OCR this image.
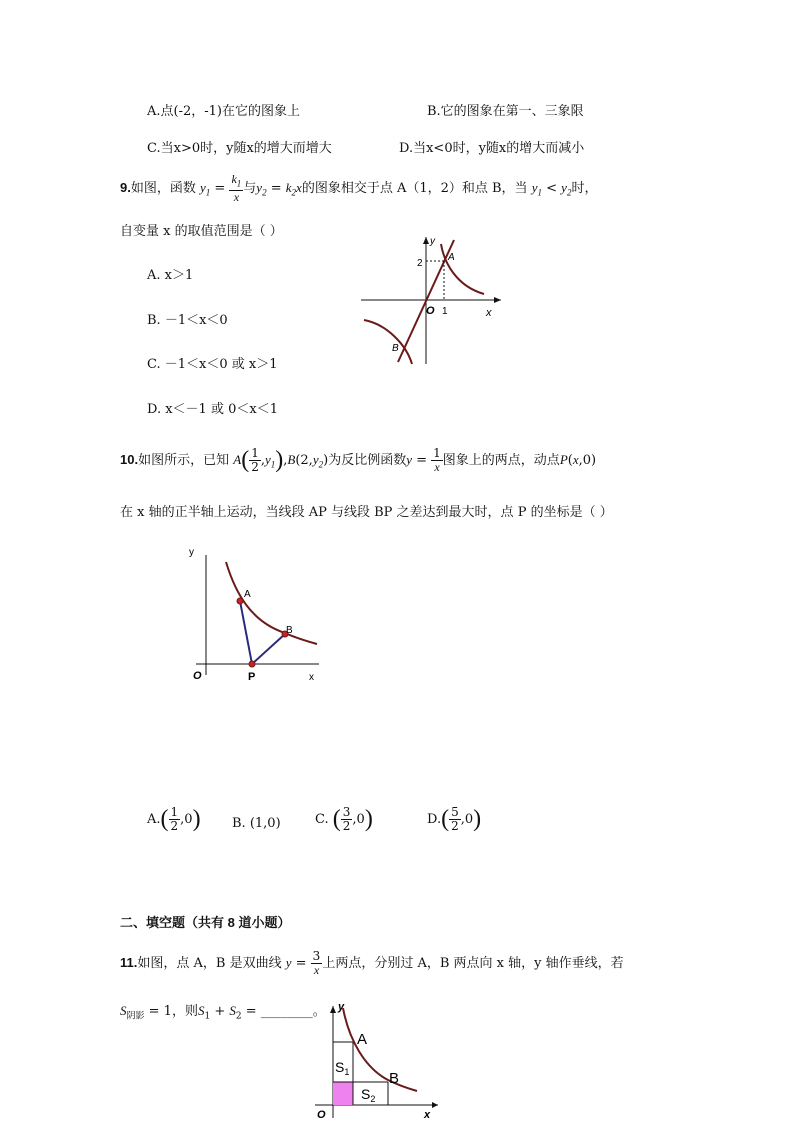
A.点(-2，-1)在它的图象上	B.它的图象在第一、三象限
C.当x>0时，y随x的增大而增大	D.当x<0时，y随x的增大而减小
9.如图，函数 $y_1 = \frac{k_1}{x}$ 与$y_2 = k_2x$的图象相交于点 A（1，2）和点 B，当 $y_1 < y_2$时，
自变量 x 的取值范围是（ ）
A. x＞1
B. －1＜x＜0
C. －1＜x＜0 或 x＞1
D. x＜－1 或 0＜x＜1
2
1
A
B
y
x
O
10.如图所示，已知 $A( \frac{1}{2} ,y_1),B(2,y_2)$为反比例函数$y = \frac{1}{x}$ 图象上的两点，动点P(x,0)
在 x 轴的正半轴上运动，当线段 AP 与线段 BP 之差达到最大时，点 P 的坐标是（ ）
y
x
A
B
O	P
$A.( \frac{1}{2} ,0)$ B. (1,0)	C. ( $\frac{3}{2} ,0$)	$D.( \frac{5}{2} ,0)$
二、填空题（共有 8 道小题）
11.如图，点 A，B 是双曲线 $y = \frac{3}{x}$ 上两点，分别过 A，B 两点向 x 轴，y 轴作垂线，若
$S_{阴影} = 1$，则$S_1 + S_2$ = ________。
A
B
$S_1$
$S_2$
y
x
O
